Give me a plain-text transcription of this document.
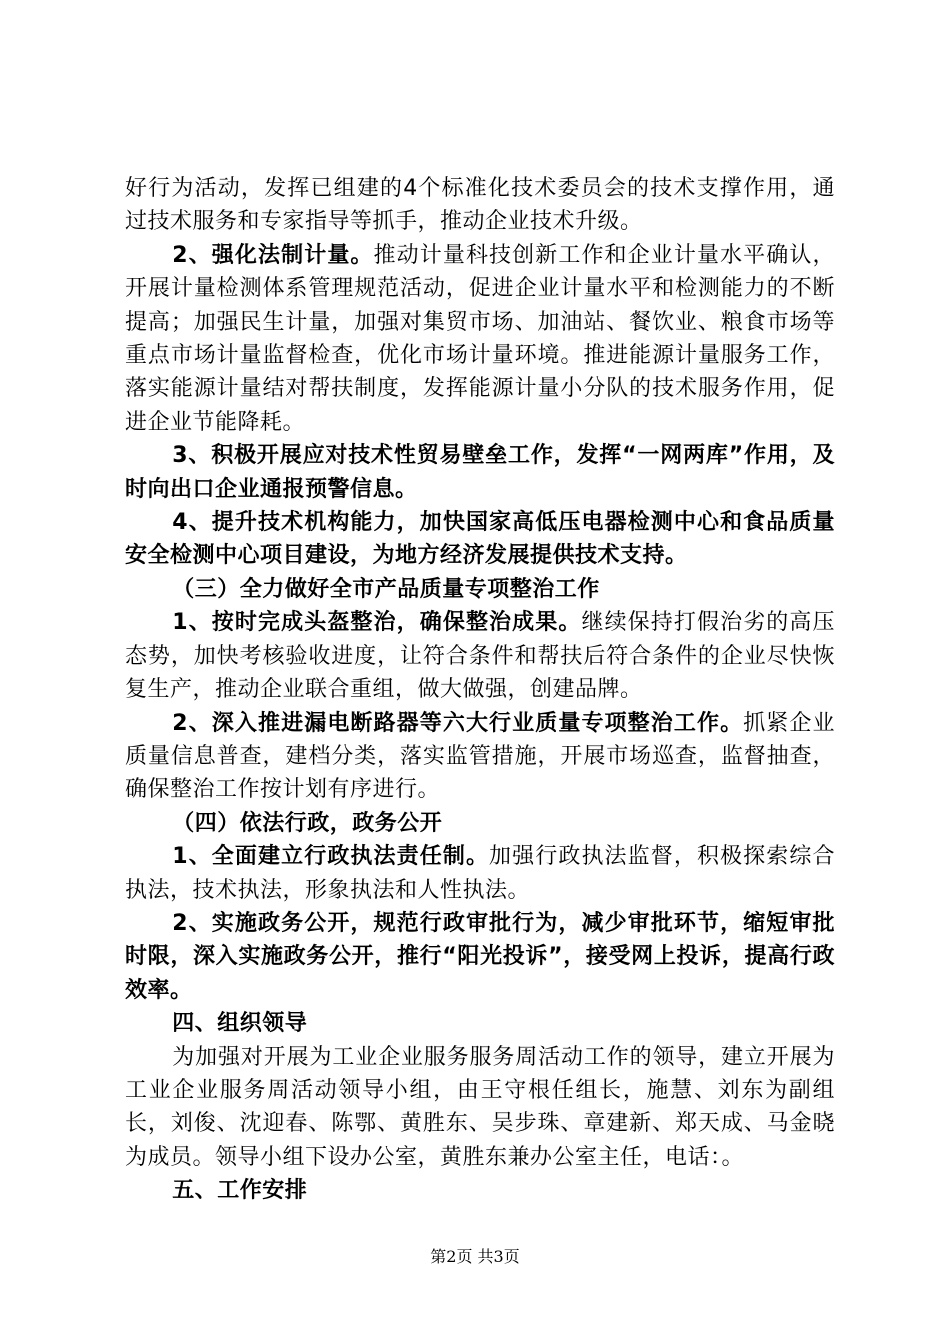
好行为活动，发挥已组建的4个标准化技术委员会的技术支撑作用，通过技术服务和专家指导等抓手，推动企业技术升级。

2、强化法制计量。推动计量科技创新工作和企业计量水平确认，开展计量检测体系管理规范活动，促进企业计量水平和检测能力的不断提高；加强民生计量，加强对集贸市场、加油站、餐饮业、粮食市场等重点市场计量监督检查，优化市场计量环境。推进能源计量服务工作，落实能源计量结对帮扶制度，发挥能源计量小分队的技术服务作用，促进企业节能降耗。

3、积极开展应对技术性贸易壁垒工作，发挥“一网两库”作用，及时向出口企业通报预警信息。

4、提升技术机构能力，加快国家高低压电器检测中心和食品质量安全检测中心项目建设，为地方经济发展提供技术支持。

（三）全力做好全市产品质量专项整治工作

1、按时完成头盔整治，确保整治成果。继续保持打假治劣的高压态势，加快考核验收进度，让符合条件和帮扶后符合条件的企业尽快恢复生产，推动企业联合重组，做大做强，创建品牌。

2、深入推进漏电断路器等六大行业质量专项整治工作。抓紧企业质量信息普查，建档分类，落实监管措施，开展市场巡查，监督抽查，确保整治工作按计划有序进行。

（四）依法行政，政务公开

1、全面建立行政执法责任制。加强行政执法监督，积极探索综合执法，技术执法，形象执法和人性执法。

2、实施政务公开，规范行政审批行为，减少审批环节，缩短审批时限，深入实施政务公开，推行“阳光投诉”，接受网上投诉，提高行政效率。

四、组织领导

为加强对开展为工业企业服务服务周活动工作的领导，建立开展为工业企业服务周活动领导小组，由王守根任组长，施慧、刘东为副组长，刘俊、沈迎春、陈鄂、黄胜东、吴步珠、章建新、郑天成、马金晓为成员。领导小组下设办公室，黄胜东兼办公室主任，电话：。

五、工作安排

第2页 共3页
